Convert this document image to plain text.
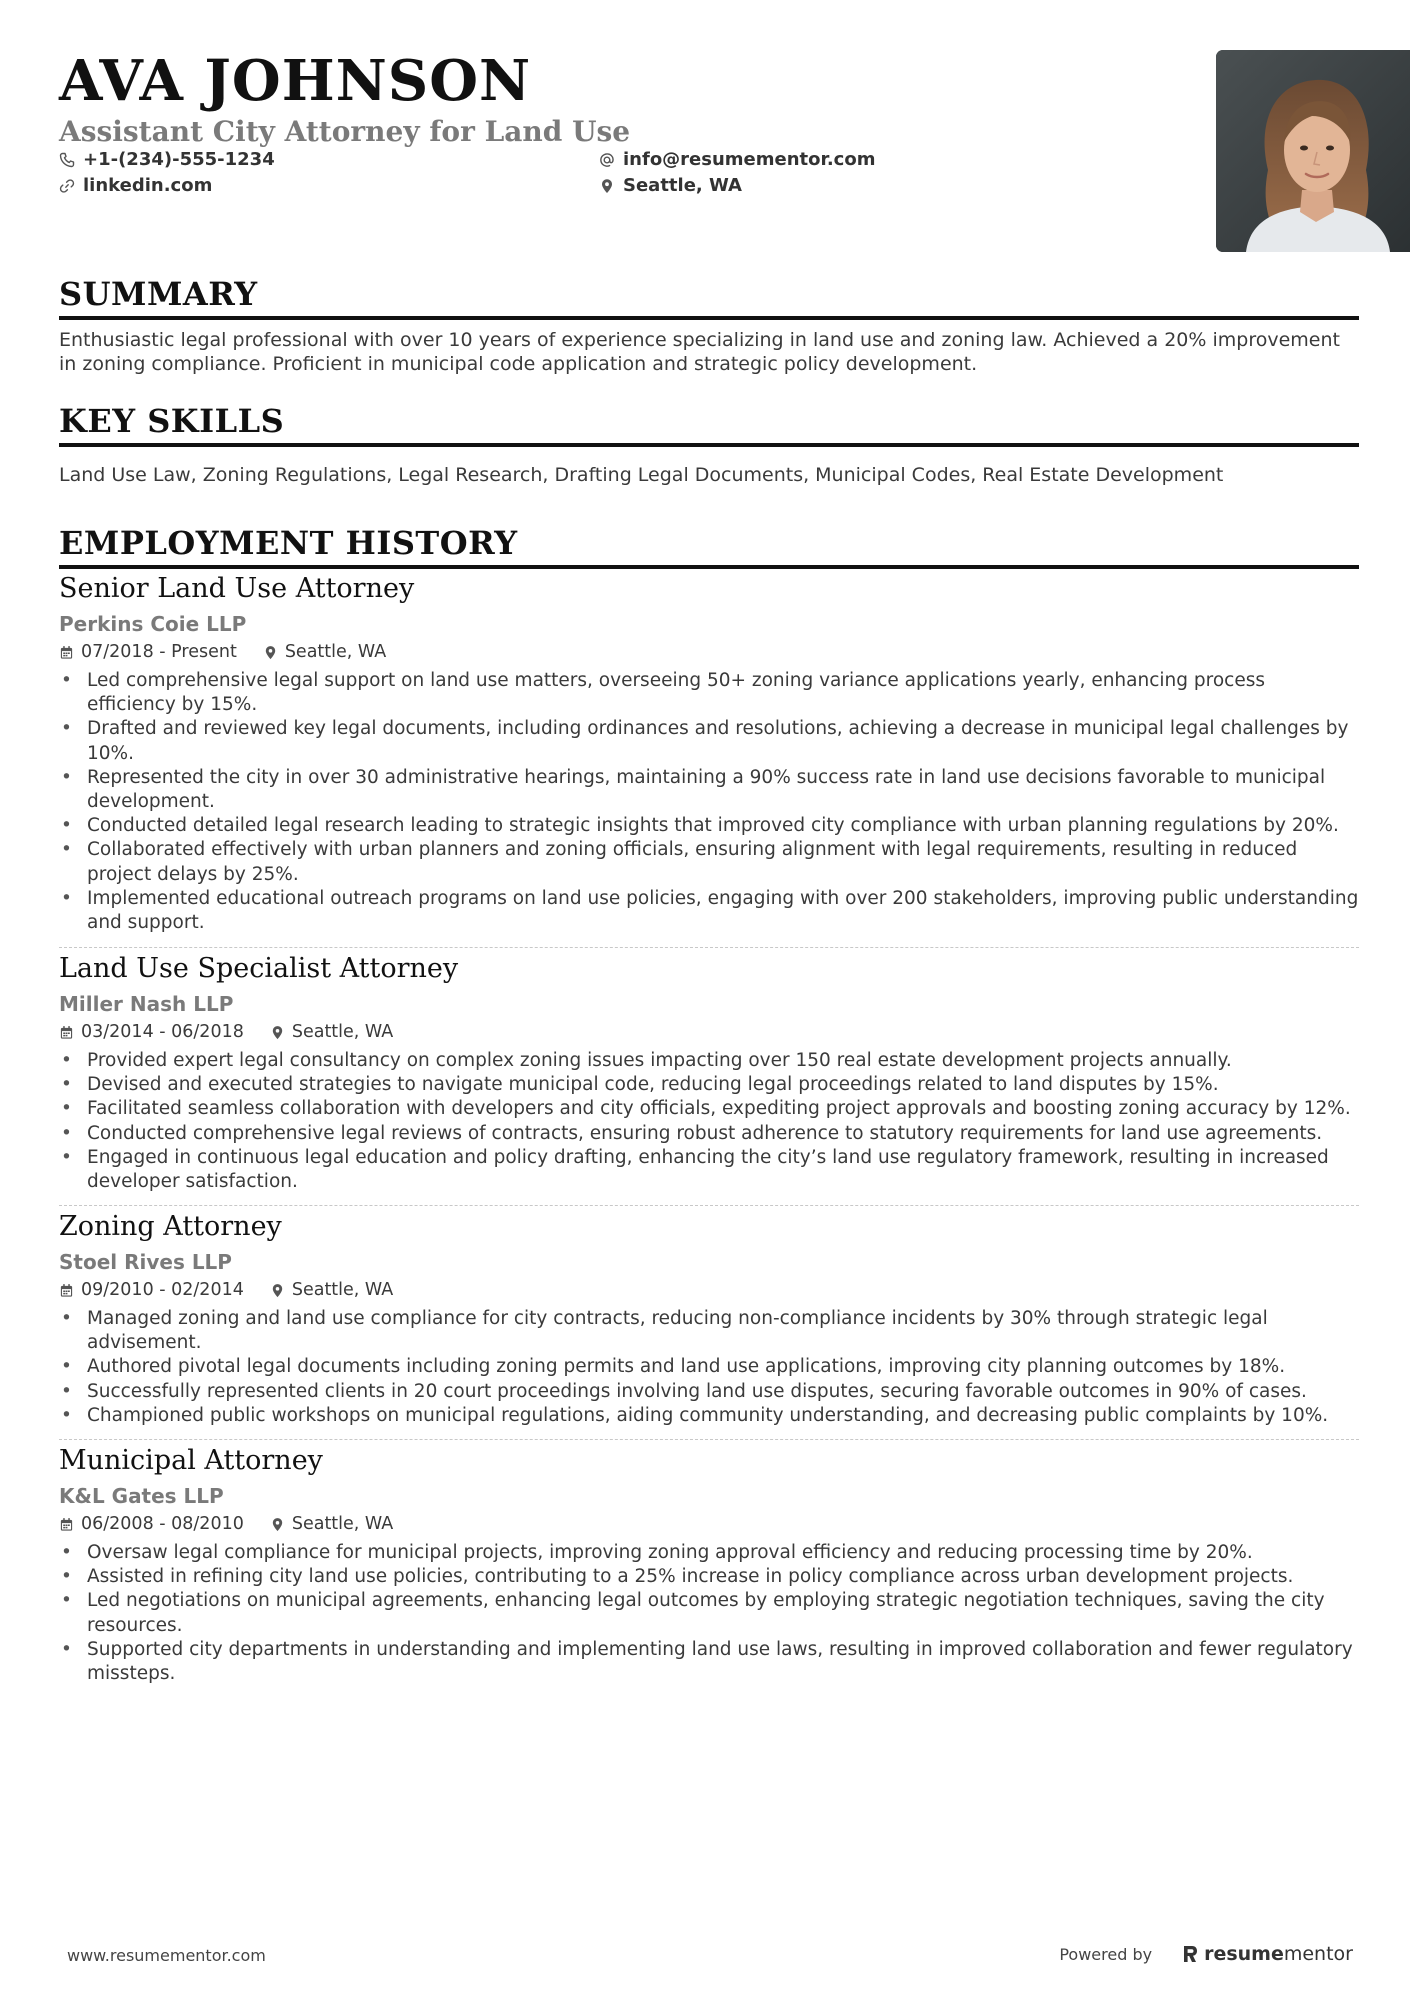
AVA JOHNSON
Assistant City Attorney for Land Use
+1-(234)-555-1234	info@resumementor.com
linkedin.com	Seattle, WA
SUMMARY
Enthusiastic legal professional with over 10 years of experience specializing in land use and zoning law. Achieved a 20% improvement in zoning compliance. Proficient in municipal code application and strategic policy development.
KEY SKILLS
Land Use Law, Zoning Regulations, Legal Research, Drafting Legal Documents, Municipal Codes, Real Estate Development
EMPLOYMENT HISTORY
Senior Land Use Attorney
Perkins Coie LLP
07/2018 - Present	Seattle, WA
• Led comprehensive legal support on land use matters, overseeing 50+ zoning variance applications yearly, enhancing process efficiency by 15%.
• Drafted and reviewed key legal documents, including ordinances and resolutions, achieving a decrease in municipal legal challenges by 10%.
• Represented the city in over 30 administrative hearings, maintaining a 90% success rate in land use decisions favorable to municipal development.
• Conducted detailed legal research leading to strategic insights that improved city compliance with urban planning regulations by 20%.
• Collaborated effectively with urban planners and zoning officials, ensuring alignment with legal requirements, resulting in reduced project delays by 25%.
• Implemented educational outreach programs on land use policies, engaging with over 200 stakeholders, improving public understanding and support.
Land Use Specialist Attorney
Miller Nash LLP
03/2014 - 06/2018	Seattle, WA
• Provided expert legal consultancy on complex zoning issues impacting over 150 real estate development projects annually.
• Devised and executed strategies to navigate municipal code, reducing legal proceedings related to land disputes by 15%.
• Facilitated seamless collaboration with developers and city officials, expediting project approvals and boosting zoning accuracy by 12%.
• Conducted comprehensive legal reviews of contracts, ensuring robust adherence to statutory requirements for land use agreements.
• Engaged in continuous legal education and policy drafting, enhancing the city’s land use regulatory framework, resulting in increased developer satisfaction.
Zoning Attorney
Stoel Rives LLP
09/2010 - 02/2014	Seattle, WA
• Managed zoning and land use compliance for city contracts, reducing non-compliance incidents by 30% through strategic legal advisement.
• Authored pivotal legal documents including zoning permits and land use applications, improving city planning outcomes by 18%.
• Successfully represented clients in 20 court proceedings involving land use disputes, securing favorable outcomes in 90% of cases.
• Championed public workshops on municipal regulations, aiding community understanding, and decreasing public complaints by 10%.
Municipal Attorney
K&L Gates LLP
06/2008 - 08/2010	Seattle, WA
• Oversaw legal compliance for municipal projects, improving zoning approval efficiency and reducing processing time by 20%.
• Assisted in refining city land use policies, contributing to a 25% increase in policy compliance across urban development projects.
• Led negotiations on municipal agreements, enhancing legal outcomes by employing strategic negotiation techniques, saving the city resources.
• Supported city departments in understanding and implementing land use laws, resulting in improved collaboration and fewer regulatory missteps.
www.resumementor.com	Powered by	resume mentor
